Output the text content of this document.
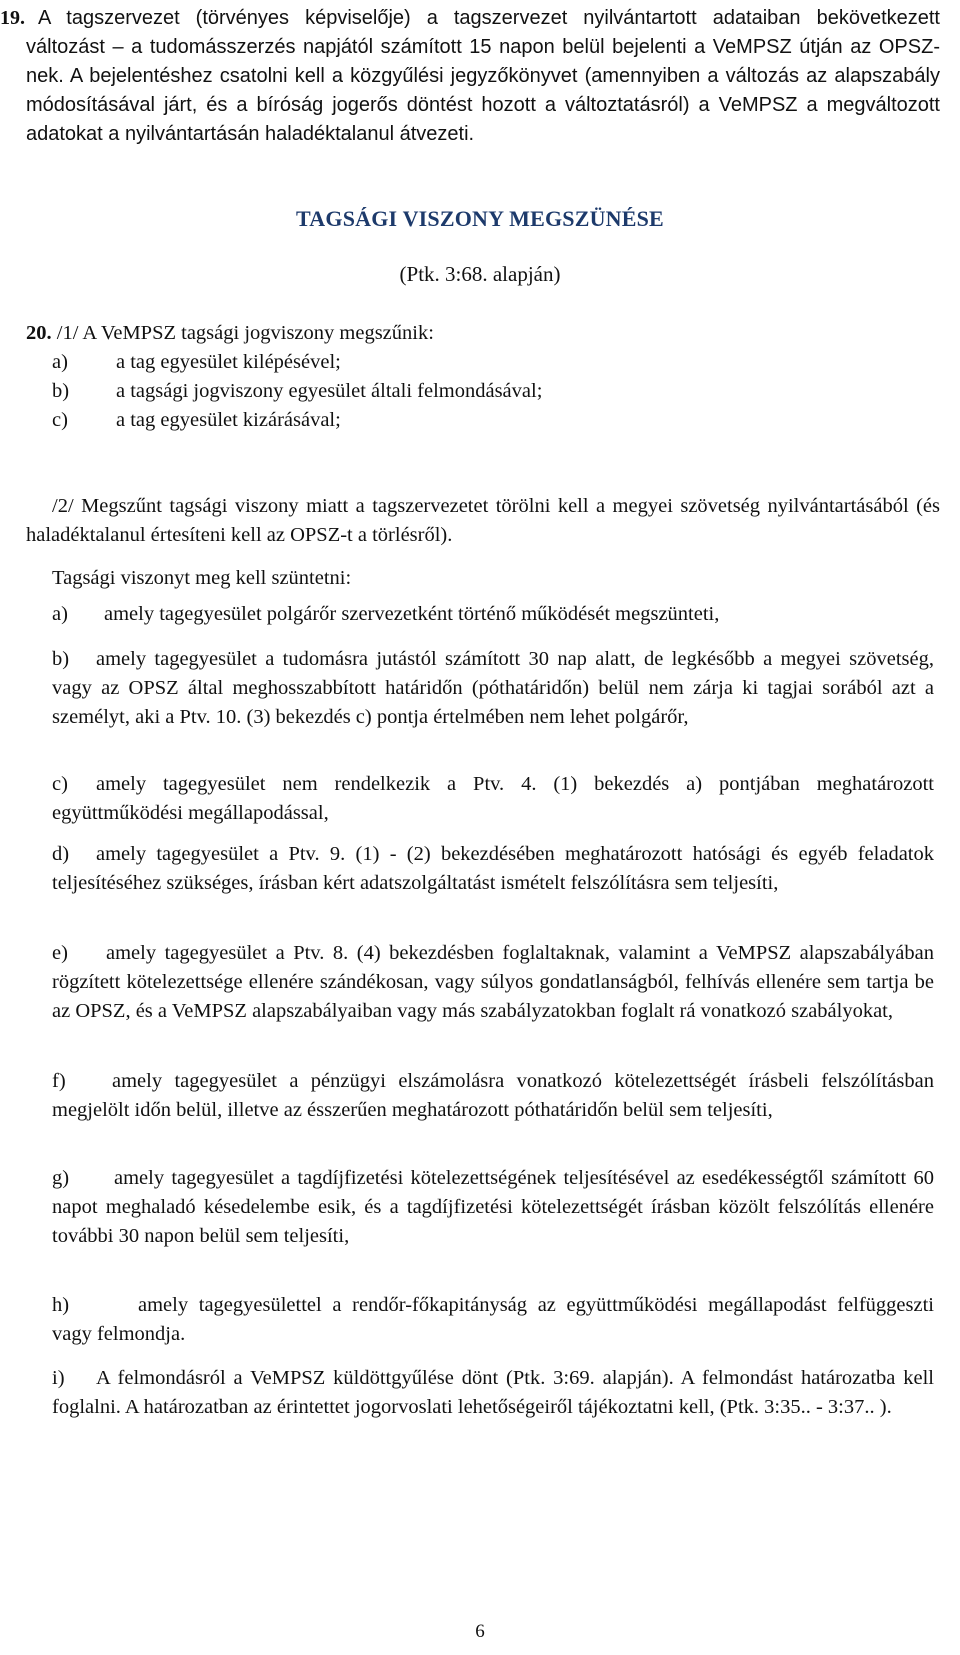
19. A tagszervezet (törvényes képviselője) a tagszervezet nyilvántartott adataiban bekövetkezett változást – a tudomásszerzés napjától számított 15 napon belül bejelenti a VeMPSZ útján az OPSZ-nek. A bejelentéshez csatolni kell a közgyűlési jegyzőkönyvet (amennyiben a változás az alapszabály módosításával járt, és a bíróság jogerős döntést hozott a változtatásról) a VeMPSZ a megváltozott adatokat a nyilvántartásán haladéktalanul átvezeti.

TAGSÁGI VISZONY MEGSZÜNÉSE
(Ptk. 3:68. alapján)

20. /1/ A VeMPSZ tagsági jogviszony megszűnik:

a)	a tag egyesület kilépésével;
b)	a tagsági jogviszony egyesület általi felmondásával;
c)	a tag egyesület kizárásával;

/2/ Megszűnt tagsági viszony miatt a tagszervezetet törölni kell a megyei szövetség nyilvántartásából (és haladéktalanul értesíteni kell az OPSZ-t a törlésről).

Tagsági viszonyt meg kell szüntetni:

a) amely tagegyesület polgárőr szervezetként történő működését megszünteti,

b) amely tagegyesület a tudomásra jutástól számított 30 nap alatt, de legkésőbb a megyei szövetség, vagy az OPSZ által meghosszabbított határidőn (póthatáridőn) belül nem zárja ki tagjai sorából azt a személyt, aki a Ptv. 10. (3) bekezdés c) pontja értelmében nem lehet polgárőr,

c) amely tagegyesület nem rendelkezik a Ptv. 4. (1) bekezdés a) pontjában meghatározott együttműködési megállapodással,

d) amely tagegyesület a Ptv. 9. (1) - (2) bekezdésében meghatározott hatósági és egyéb feladatok teljesítéséhez szükséges, írásban kért adatszolgáltatást ismételt felszólításra sem teljesíti,

e) amely tagegyesület a Ptv. 8. (4) bekezdésben foglaltaknak, valamint a VeMPSZ alapszabályában rögzített kötelezettsége ellenére szándékosan, vagy súlyos gondatlanságból, felhívás ellenére sem tartja be az OPSZ, és a VeMPSZ alapszabályaiban vagy más szabályzatokban foglalt rá vonatkozó szabályokat,

f) amely tagegyesület a pénzügyi elszámolásra vonatkozó kötelezettségét írásbeli felszólításban megjelölt időn belül, illetve az ésszerűen meghatározott póthatáridőn belül sem teljesíti,

g) amely tagegyesület a tagdíjfizetési kötelezettségének teljesítésével az esedékességtől számított 60 napot meghaladó késedelembe esik, és a tagdíjfizetési kötelezettségét írásban közölt felszólítás ellenére további 30 napon belül sem teljesíti,

h)	amely tagegyesülettel a rendőr-főkapitányság az együttműködési megállapodást felfüggeszti vagy felmondja.

i) A felmondásról a VeMPSZ küldöttgyűlése dönt (Ptk. 3:69. alapján). A felmondást határozatba kell foglalni. A határozatban az érintettet jogorvoslati lehetőségeiről tájékoztatni kell, (Ptk. 3:35.. - 3:37.. ).

6
